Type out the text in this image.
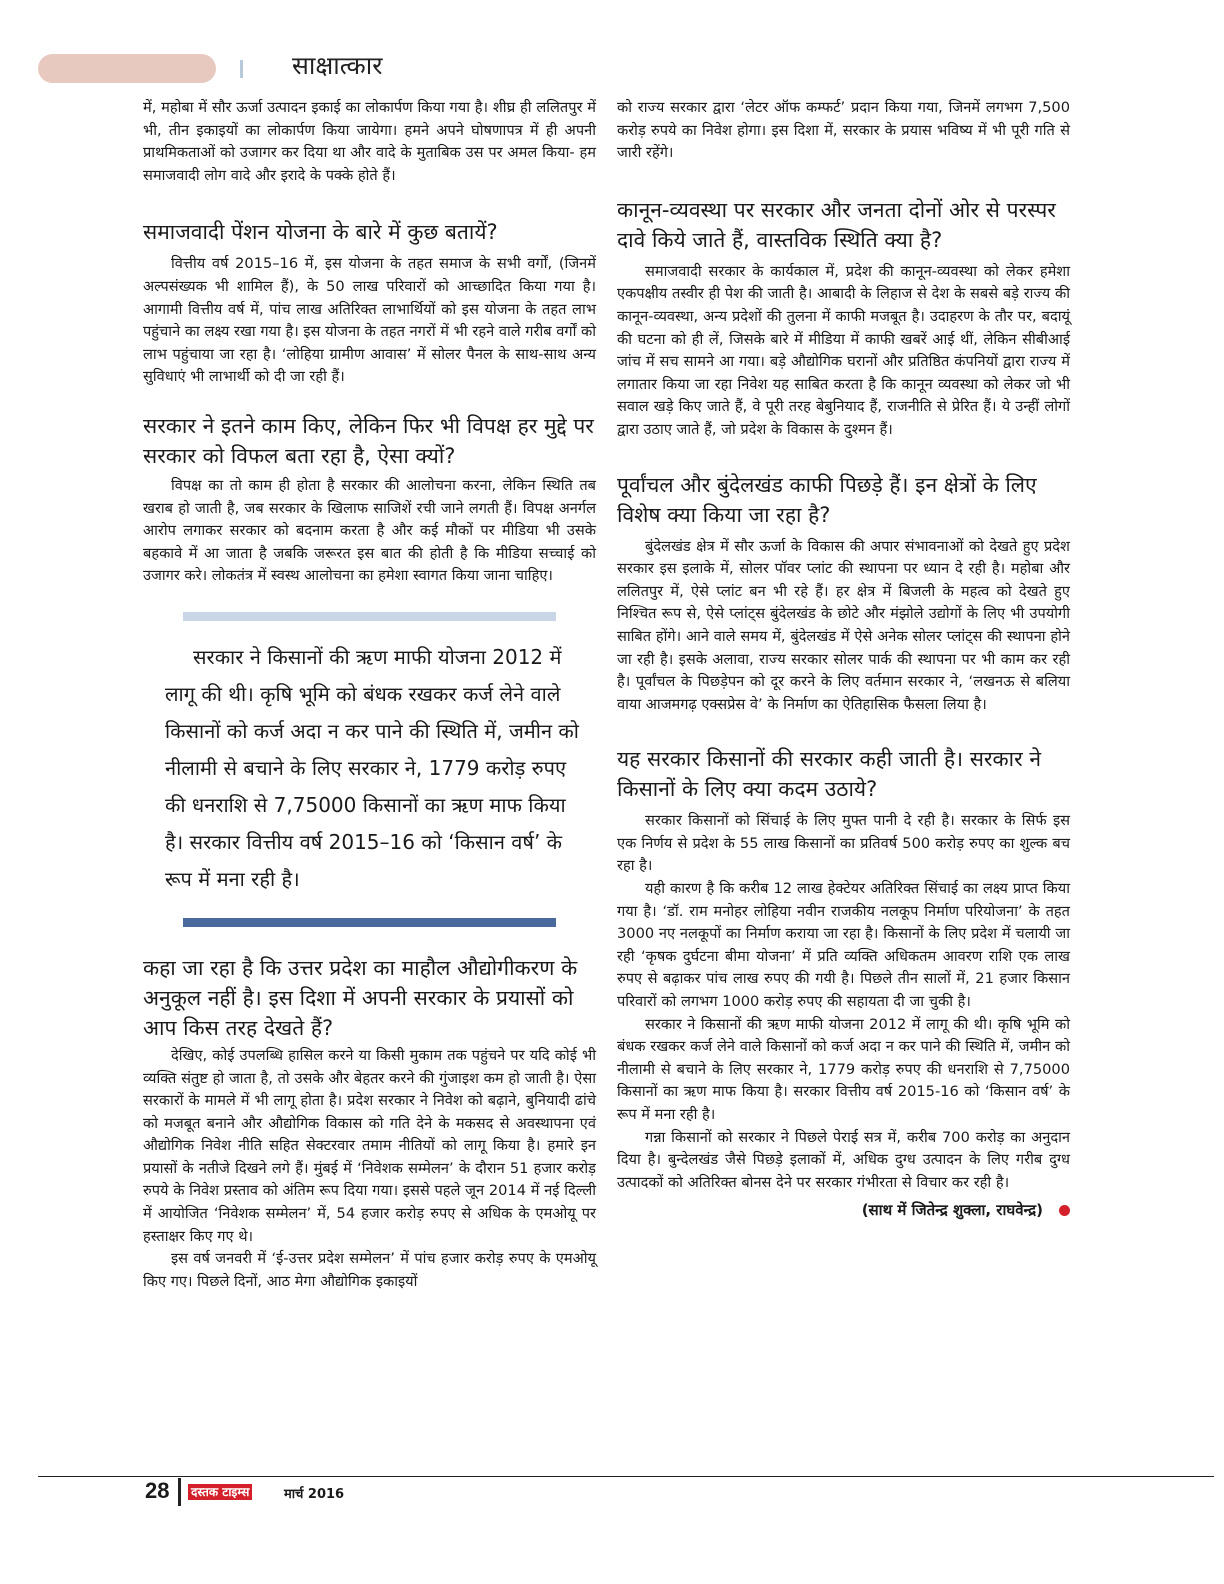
साक्षात्कार

में, महोबा में सौर ऊर्जा उत्पादन इकाई का लोकार्पण किया गया है। शीघ्र ही ललितपुर में भी, तीन इकाइयों का लोकार्पण किया जायेगा। हमने अपने घोषणापत्र में ही अपनी प्राथमिकताओं को उजागर कर दिया था और वादे के मुताबिक उस पर अमल किया- हम समाजवादी लोग वादे और इरादे के पक्के होते हैं।

समाजवादी पेंशन योजना के बारे में कुछ बतायें?

वित्तीय वर्ष 2015–16 में, इस योजना के तहत समाज के सभी वर्गों, (जिनमें अल्पसंख्यक भी शामिल हैं), के 50 लाख परिवारों को आच्छादित किया गया है। आगामी वित्तीय वर्ष में, पांच लाख अतिरिक्त लाभार्थियों को इस योजना के तहत लाभ पहुंचाने का लक्ष्य रखा गया है। इस योजना के तहत नगरों में भी रहने वाले गरीब वर्गों को लाभ पहुंचाया जा रहा है। ‘लोहिया ग्रामीण आवास’ में सोलर पैनल के साथ-साथ अन्य सुविधाएं भी लाभार्थी को दी जा रही हैं।

सरकार ने इतने काम किए, लेकिन फिर भी विपक्ष हर मुद्दे पर सरकार को विफल बता रहा है, ऐसा क्यों?

विपक्ष का तो काम ही होता है सरकार की आलोचना करना, लेकिन स्थिति तब खराब हो जाती है, जब सरकार के खिलाफ साजिशें रची जाने लगती हैं। विपक्ष अनर्गल आरोप लगाकर सरकार को बदनाम करता है और कई मौकों पर मीडिया भी उसके बहकावे में आ जाता है जबकि जरूरत इस बात की होती है कि मीडिया सच्चाई को उजागर करे। लोकतंत्र में स्वस्थ आलोचना का हमेशा स्वागत किया जाना चाहिए।

सरकार ने किसानों की ऋण माफी योजना 2012 में लागू की थी। कृषि भूमि को बंधक रखकर कर्ज लेने वाले किसानों को कर्ज अदा न कर पाने की स्थिति में, जमीन को नीलामी से बचाने के लिए सरकार ने, 1779 करोड़ रुपए की धनराशि से 7,75000 किसानों का ऋण माफ किया है। सरकार वित्तीय वर्ष 2015–16 को ‘किसान वर्ष’ के रूप में मना रही है।
कहा जा रहा है कि उत्तर प्रदेश का माहौल औद्योगीकरण के अनुकूल नहीं है। इस दिशा में अपनी सरकार के प्रयासों को आप किस तरह देखते हैं?

देखिए, कोई उपलब्धि हासिल करने या किसी मुकाम तक पहुंचने पर यदि कोई भी व्यक्ति संतुष्ट हो जाता है, तो उसके और बेहतर करने की गुंजाइश कम हो जाती है। ऐसा सरकारों के मामले में भी लागू होता है। प्रदेश सरकार ने निवेश को बढ़ाने, बुनियादी ढांचे को मजबूत बनाने और औद्योगिक विकास को गति देने के मकसद से अवस्थापना एवं औद्योगिक निवेश नीति सहित सेक्टरवार तमाम नीतियों को लागू किया है। हमारे इन प्रयासों के नतीजे दिखने लगे हैं। मुंबई में ‘निवेशक सम्मेलन’ के दौरान 51 हजार करोड़ रुपये के निवेश प्रस्ताव को अंतिम रूप दिया गया। इससे पहले जून 2014 में नई दिल्ली में आयोजित ‘निवेशक सम्मेलन’ में, 54 हजार करोड़ रुपए से अधिक के एमओयू पर हस्ताक्षर किए गए थे।

इस वर्ष जनवरी में ‘ई-उत्तर प्रदेश सम्मेलन’ में पांच हजार करोड़ रुपए के एमओयू किए गए। पिछले दिनों, आठ मेगा औद्योगिक इकाइयों

को राज्य सरकार द्वारा ‘लेटर ऑफ कम्फर्ट’ प्रदान किया गया, जिनमें लगभग 7,500 करोड़ रुपये का निवेश होगा। इस दिशा में, सरकार के प्रयास भविष्य में भी पूरी गति से जारी रहेंगे।

कानून-व्यवस्था पर सरकार और जनता दोनों ओर से परस्पर दावे किये जाते हैं, वास्तविक स्थिति क्या है?

समाजवादी सरकार के कार्यकाल में, प्रदेश की कानून-व्यवस्था को लेकर हमेशा एकपक्षीय तस्वीर ही पेश की जाती है। आबादी के लिहाज से देश के सबसे बड़े राज्य की कानून-व्यवस्था, अन्य प्रदेशों की तुलना में काफी मजबूत है। उदाहरण के तौर पर, बदायूं की घटना को ही लें, जिसके बारे में मीडिया में काफी खबरें आई थीं, लेकिन सीबीआई जांच में सच सामने आ गया। बड़े औद्योगिक घरानों और प्रतिष्ठित कंपनियों द्वारा राज्य में लगातार किया जा रहा निवेश यह साबित करता है कि कानून व्यवस्था को लेकर जो भी सवाल खड़े किए जाते हैं, वे पूरी तरह बेबुनियाद हैं, राजनीति से प्रेरित हैं। ये उन्हीं लोगों द्वारा उठाए जाते हैं, जो प्रदेश के विकास के दुश्मन हैं।

पूर्वांचल और बुंदेलखंड काफी पिछड़े हैं। इन क्षेत्रों के लिए विशेष क्या किया जा रहा है?

बुंदेलखंड क्षेत्र में सौर ऊर्जा के विकास की अपार संभावनाओं को देखते हुए प्रदेश सरकार इस इलाके में, सोलर पॉवर प्लांट की स्थापना पर ध्यान दे रही है। महोबा और ललितपुर में, ऐसे प्लांट बन भी रहे हैं। हर क्षेत्र में बिजली के महत्व को देखते हुए निश्चित रूप से, ऐसे प्लांट्स बुंदेलखंड के छोटे और मंझोले उद्योगों के लिए भी उपयोगी साबित होंगे। आने वाले समय में, बुंदेलखंड में ऐसे अनेक सोलर प्लांट्स की स्थापना होने जा रही है। इसके अलावा, राज्य सरकार सोलर पार्क की स्थापना पर भी काम कर रही है। पूर्वांचल के पिछड़ेपन को दूर करने के लिए वर्तमान सरकार ने, ‘लखनऊ से बलिया वाया आजमगढ़ एक्सप्रेस वे’ के निर्माण का ऐतिहासिक फैसला लिया है।

यह सरकार किसानों की सरकार कही जाती है। सरकार ने किसानों के लिए क्या कदम उठाये?

सरकार किसानों को सिंचाई के लिए मुफ्त पानी दे रही है। सरकार के सिर्फ इस एक निर्णय से प्रदेश के 55 लाख किसानों का प्रतिवर्ष 500 करोड़ रुपए का शुल्क बच रहा है।

यही कारण है कि करीब 12 लाख हेक्टेयर अतिरिक्त सिंचाई का लक्ष्य प्राप्त किया गया है। ‘डॉ. राम मनोहर लोहिया नवीन राजकीय नलकूप निर्माण परियोजना’ के तहत 3000 नए नलकूपों का निर्माण कराया जा रहा है। किसानों के लिए प्रदेश में चलायी जा रही ‘कृषक दुर्घटना बीमा योजना’ में प्रति व्यक्ति अधिकतम आवरण राशि एक लाख रुपए से बढ़ाकर पांच लाख रुपए की गयी है। पिछले तीन सालों में, 21 हजार किसान परिवारों को लगभग 1000 करोड़ रुपए की सहायता दी जा चुकी है।

सरकार ने किसानों की ऋण माफी योजना 2012 में लागू की थी। कृषि भूमि को बंधक रखकर कर्ज लेने वाले किसानों को कर्ज अदा न कर पाने की स्थिति में, जमीन को नीलामी से बचाने के लिए सरकार ने, 1779 करोड़ रुपए की धनराशि से 7,75000 किसानों का ऋण माफ किया है। सरकार वित्तीय वर्ष 2015-16 को ‘किसान वर्ष’ के रूप में मना रही है।

गन्ना किसानों को सरकार ने पिछले पेराई सत्र में, करीब 700 करोड़ का अनुदान दिया है। बुन्देलखंड जैसे पिछड़े इलाकों में, अधिक दुग्ध उत्पादन के लिए गरीब दुग्ध उत्पादकों को अतिरिक्त बोनस देने पर सरकार गंभीरता से विचार कर रही है।

(साथ में जितेन्द्र शुक्ला, राघवेन्द्र)
28 दस्तक टाइम्स	मार्च 2016
